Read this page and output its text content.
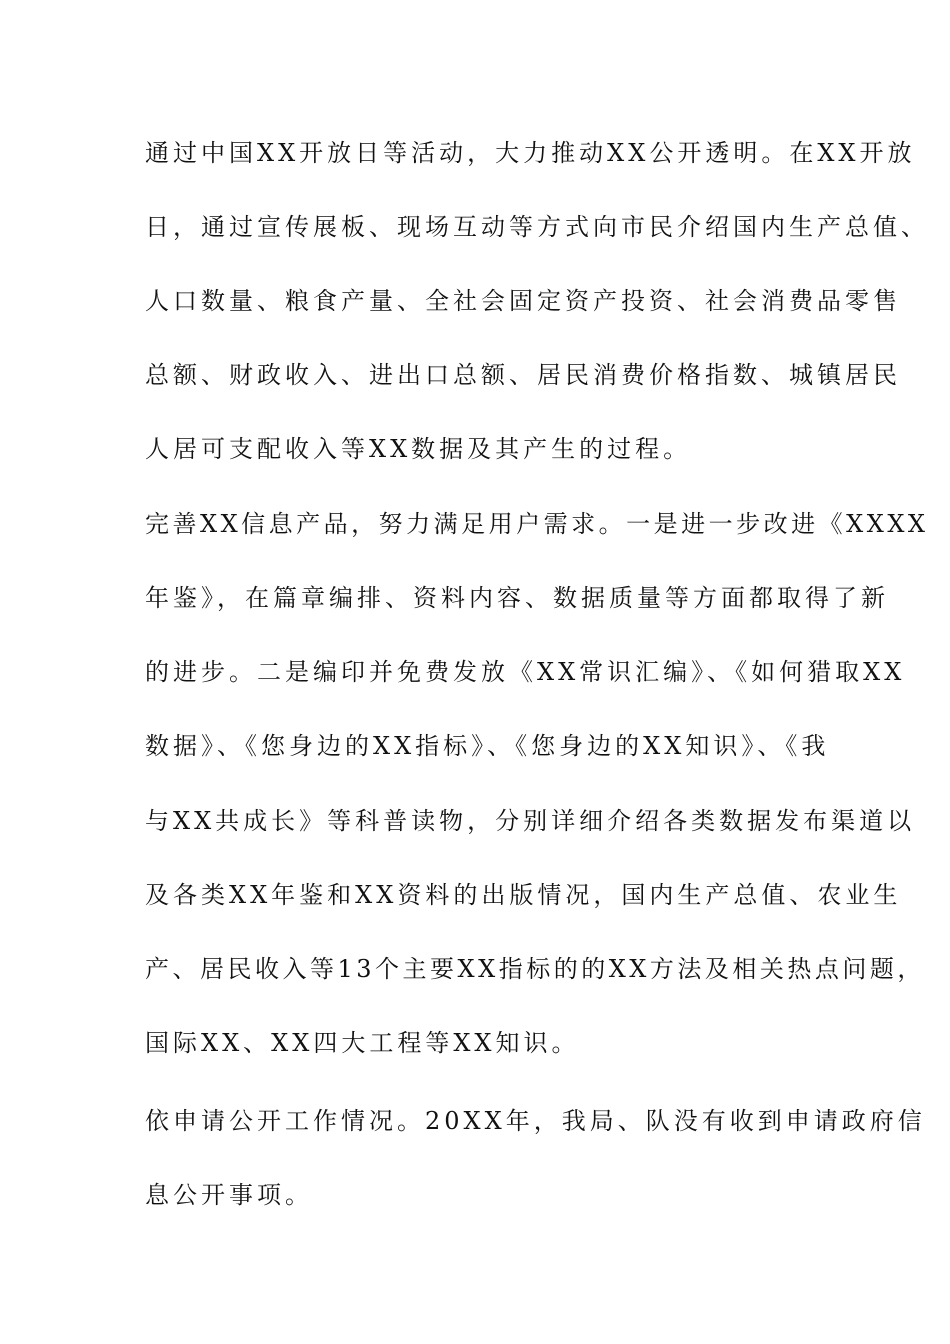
通过中国XX开放日等活动，大力推动XX公开透明。在XX开放
日，通过宣传展板、现场互动等方式向市民介绍国内生产总值、
人口数量、粮食产量、全社会固定资产投资、社会消费品零售
总额、财政收入、进出口总额、居民消费价格指数、城镇居民
人居可支配收入等XX数据及其产生的过程。
完善XX信息产品，努力满足用户需求。一是进一步改进《XXXX
年鉴》，在篇章编排、资料内容、数据质量等方面都取得了新
的进步。二是编印并免费发放《XX常识汇编》、《如何猎取XX
数据》、《您身边的XX指标》、《您身边的XX知识》、《我
与XX共成长》等科普读物，分别详细介绍各类数据发布渠道以
及各类XX年鉴和XX资料的出版情况，国内生产总值、农业生
产、居民收入等13个主要XX指标的的XX方法及相关热点问题，
国际XX、XX四大工程等XX知识。
依申请公开工作情况。20XX年，我局、队没有收到申请政府信
息公开事项。
